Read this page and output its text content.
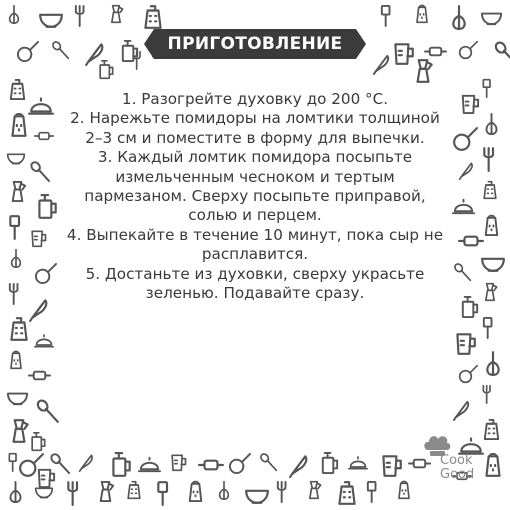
ПРИГОТОВЛЕНИЕ
1. Разогрейте духовку до 200 °С.
2. Нарежьте помидоры на ломтики толщиной 2–3 см и поместите в форму для выпечки.
3. Каждый ломтик помидора посыпьте измельченным чесноком и тертым пармезаном. Сверху посыпьте приправой, солью и перцем.
4. Выпекайте в течение 10 минут, пока сыр не расплавится.
5. Достаньте из духовки, сверху украсьте зеленью. Подавайте сразу.
Cook
Good
